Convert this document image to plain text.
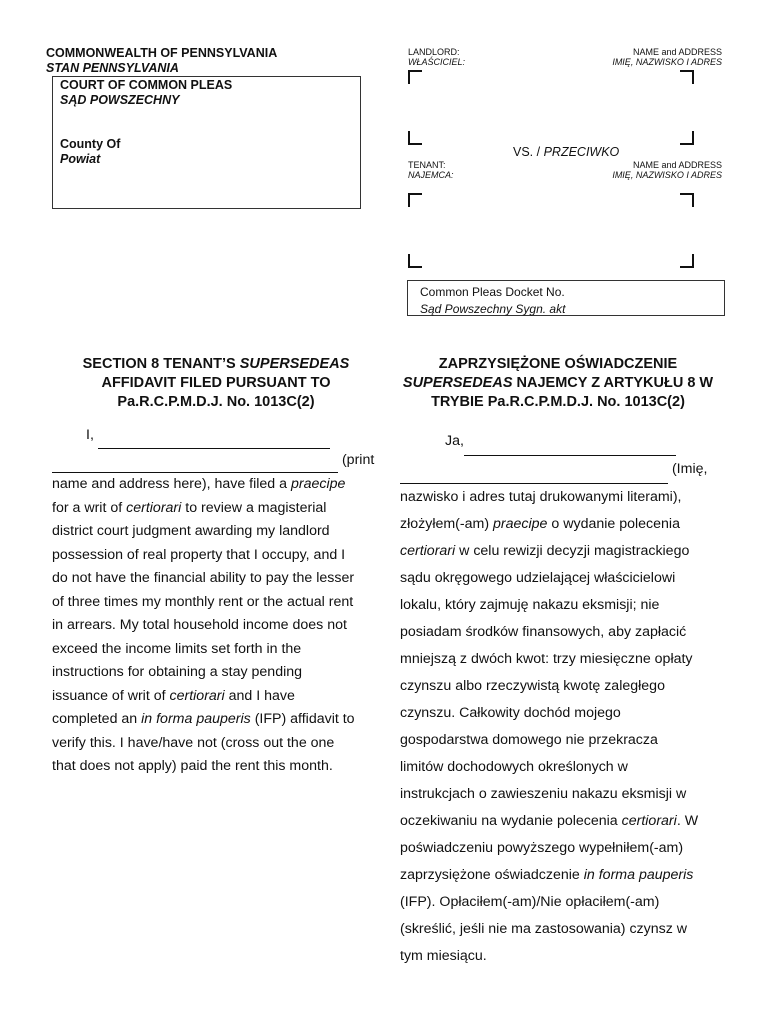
COMMONWEALTH OF PENNSYLVANIA
STAN PENNSYLVANIA
COURT OF COMMON PLEAS
SĄD POWSZECHNY
County Of
Powiat
LANDLORD:
WŁAŚCICIEL:
NAME and ADDRESS
IMIĘ, NAZWISKO I ADRES
VS. / PRZECIWKO
TENANT:
NAJEMCA:
NAME and ADDRESS
IMIĘ, NAZWISKO I ADRES
Common Pleas Docket No.
Sąd Powszechny Sygn. akt
SECTION 8 TENANT’S SUPERSEDEAS
AFFIDAVIT FILED PURSUANT TO
Pa.R.C.P.M.D.J. No. 1013C(2)
ZAPRZYSIĘŻONE OŚWIADCZENIE
SUPERSEDEAS NAJEMCY Z ARTYKUŁU 8 W
TRYBIE Pa.R.C.P.M.D.J. No. 1013C(2)
I,
(print
name and address here), have filed a praecipe
for a writ of certiorari to review a magisterial
district court judgment awarding my landlord
possession of real property that I occupy, and I
do not have the financial ability to pay the lesser
of three times my monthly rent or the actual rent
in arrears. My total household income does not
exceed the income limits set forth in the
instructions for obtaining a stay pending
issuance of writ of certiorari and I have
completed an in forma pauperis (IFP) affidavit to
verify this. I have/have not (cross out the one
that does not apply) paid the rent this month.
Ja,
(Imię,
nazwisko i adres tutaj drukowanymi literami),
złożyłem(-am) praecipe o wydanie polecenia
certiorari w celu rewizji decyzji magistrackiego
sądu okręgowego udzielającej właścicielowi
lokalu, który zajmuję nakazu eksmisji; nie
posiadam środków finansowych, aby zapłacić
mniejszą z dwóch kwot: trzy miesięczne opłaty
czynszu albo rzeczywistą kwotę zaległego
czynszu. Całkowity dochód mojego
gospodarstwa domowego nie przekracza
limitów dochodowych określonych w
instrukcjach o zawieszeniu nakazu eksmisji w
oczekiwaniu na wydanie polecenia certiorari. W
poświadczeniu powyższego wypełniłem(-am)
zaprzysiężone oświadczenie in forma pauperis
(IFP). Opłaciłem(-am)/Nie opłaciłem(-am)
(skreślić, jeśli nie ma zastosowania) czynsz w
tym miesiącu.
